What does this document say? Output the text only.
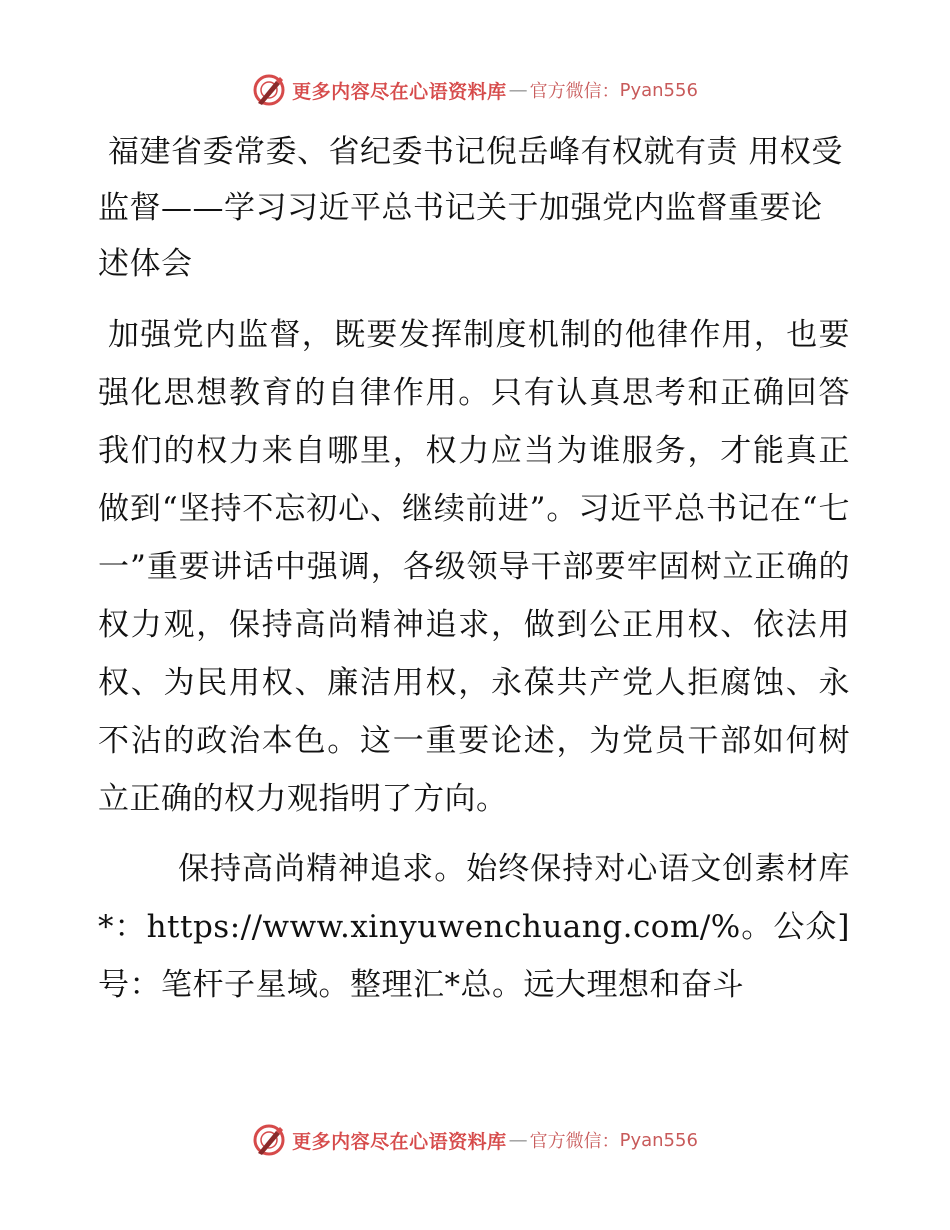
更多内容尽在心语资料库 — 官方微信： Pyan556
福建省委常委、省纪委书记倪岳峰有权就有责 用权受监督——学习习近平总书记关于加强党内监督重要论述体会

加强党内监督，既要发挥制度机制的他律作用，也要强化思想教育的自律作用。只有认真思考和正确回答我们的权力来自哪里，权力应当为谁服务，才能真正做到“坚持不忘初心、继续前进”。习近平总书记在“七一”重要讲话中强调，各级领导干部要牢固树立正确的权力观，保持高尚精神追求，做到公正用权、依法用权、为民用权、廉洁用权，永葆共产党人拒腐蚀、永不沾的政治本色。这一重要论述，为党员干部如何树立正确的权力观指明了方向。

保持高尚精神追求。始终保持对心语文创素材库*：https://www.xinyuwenchuang.com/%。公众]号：笔杆子星域。整理汇*总。远大理想和奋斗

更多内容尽在心语资料库 — 官方微信： Pyan556
